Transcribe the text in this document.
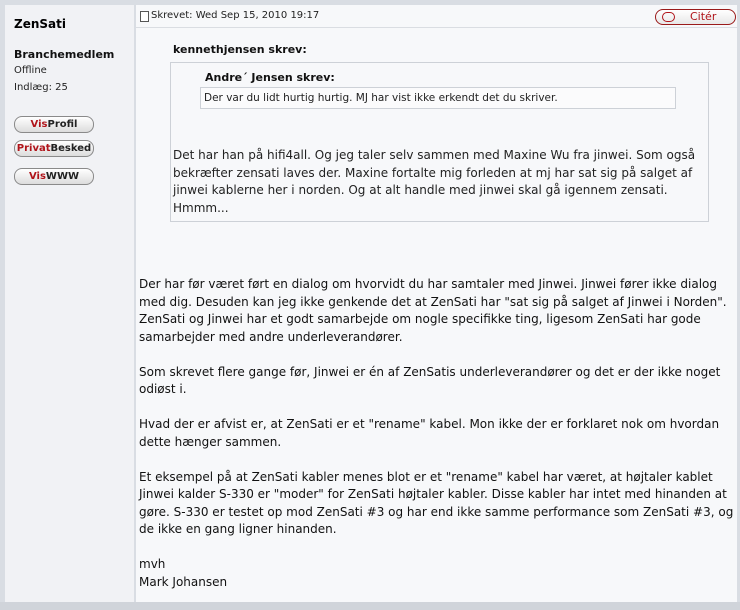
ZenSati
Branchemedlem
Offline
Indlæg: 25
VisProfil
PrivatBesked
VisWWW
Skrevet: Wed Sep 15, 2010 19:17	Citér
kennethjensen skrev:
Andre´ Jensen skrev:
Der var du lidt hurtig hurtig. MJ har vist ikke erkendt det du skriver.
Det har han på hifi4all. Og jeg taler selv sammen med Maxine Wu fra jinwei. Som også bekræfter zensati laves der. Maxine fortalte mig forleden at mj har sat sig på salget af jinwei kablerne her i norden. Og at alt handle med jinwei skal gå igennem zensati. Hmmm...

Der har før været ført en dialog om hvorvidt du har samtaler med Jinwei. Jinwei fører ikke dialog med dig. Desuden kan jeg ikke genkende det at ZenSati har "sat sig på salget af Jinwei i Norden". ZenSati og Jinwei har et godt samarbejde om nogle specifikke ting, ligesom ZenSati har gode samarbejder med andre underleverandører.

Som skrevet flere gange før, Jinwei er én af ZenSatis underleverandører og det er der ikke noget odiøst i.

Hvad der er afvist er, at ZenSati er et "rename" kabel. Mon ikke der er forklaret nok om hvordan dette hænger sammen.

Et eksempel på at ZenSati kabler menes blot er et "rename" kabel har været, at højtaler kablet Jinwei kalder S-330 er "moder" for ZenSati højtaler kabler. Disse kabler har intet med hinanden at gøre. S-330 er testet op mod ZenSati #3 og har end ikke samme performance som ZenSati #3, og de ikke en gang ligner hinanden.

mvh
Mark Johansen
